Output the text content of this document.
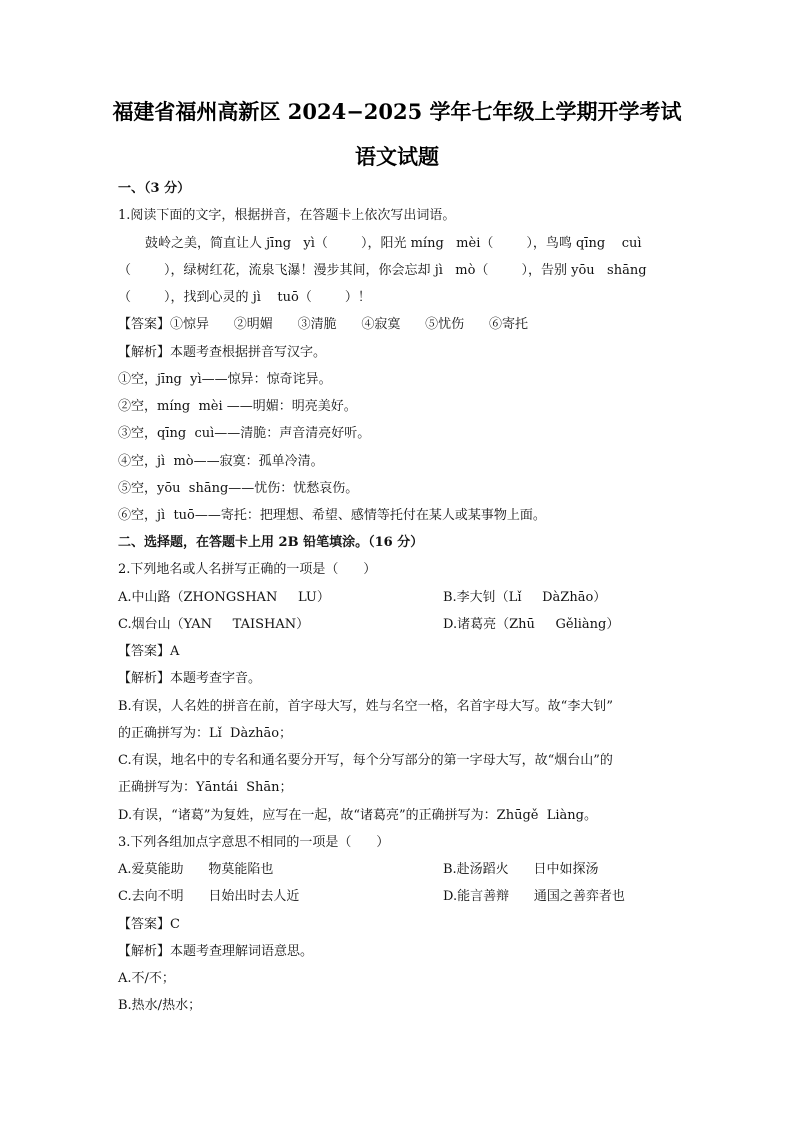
福建省福州高新区 2024−2025 学年七年级上学期开学考试
语文试题
一、（3 分）
1.阅读下面的文字，根据拼音，在答题卡上依次写出词语。
鼓岭之美，简直让人 jīng   yì（        ），阳光 míng   mèi（        ），鸟鸣 qīng    cuì
（        ），绿树红花，流泉飞瀑！漫步其间，你会忘却 jì   mò（        ），告别 yōu   shāng
（        ），找到心灵的 jì    tuō（        ）！
【答案】①惊异      ②明媚      ③清脆      ④寂寞      ⑤忧伤      ⑥寄托
【解析】本题考查根据拼音写汉字。
①空，jīng  yì——惊异：惊奇诧异。
②空，míng  mèi ——明媚：明亮美好。
③空，qīng  cuì——清脆：声音清亮好听。
④空，jì  mò——寂寞：孤单冷清。
⑤空，yōu  shāng——忧伤：忧愁哀伤。
⑥空，jì  tuō——寄托：把理想、希望、感情等托付在某人或某事物上面。
二、选择题，在答题卡上用 2B 铅笔填涂。（16 分）
2.下列地名或人名拼写正确的一项是（      ）
A.中山路（ZHONGSHAN     LU）	B.李大钊（Lǐ     DàZhāo）
C.烟台山（YAN     TAISHAN）	D.诸葛亮（Zhū     Gěliàng）
【答案】A
【解析】本题考查字音。
B.有误，人名姓的拼音在前，首字母大写，姓与名空一格，名首字母大写。故“李大钊”
的正确拼写为：Lǐ  Dàzhāo；
C.有误，地名中的专名和通名要分开写，每个分写部分的第一字母大写，故“烟台山”的
正确拼写为：Yāntái  Shān；
D.有误，“诸葛”为复姓，应写在一起，故“诸葛亮”的正确拼写为：Zhūgě  Liàng。
3.下列各组加点字意思不相同的一项是（      ）
A.爱莫能助      物莫能陷也	B.赴汤蹈火      日中如探汤
C.去向不明      日始出时去人近	D.能言善辩      通国之善弈者也
【答案】C
【解析】本题考查理解词语意思。
A.不/不；
B.热水/热水；
